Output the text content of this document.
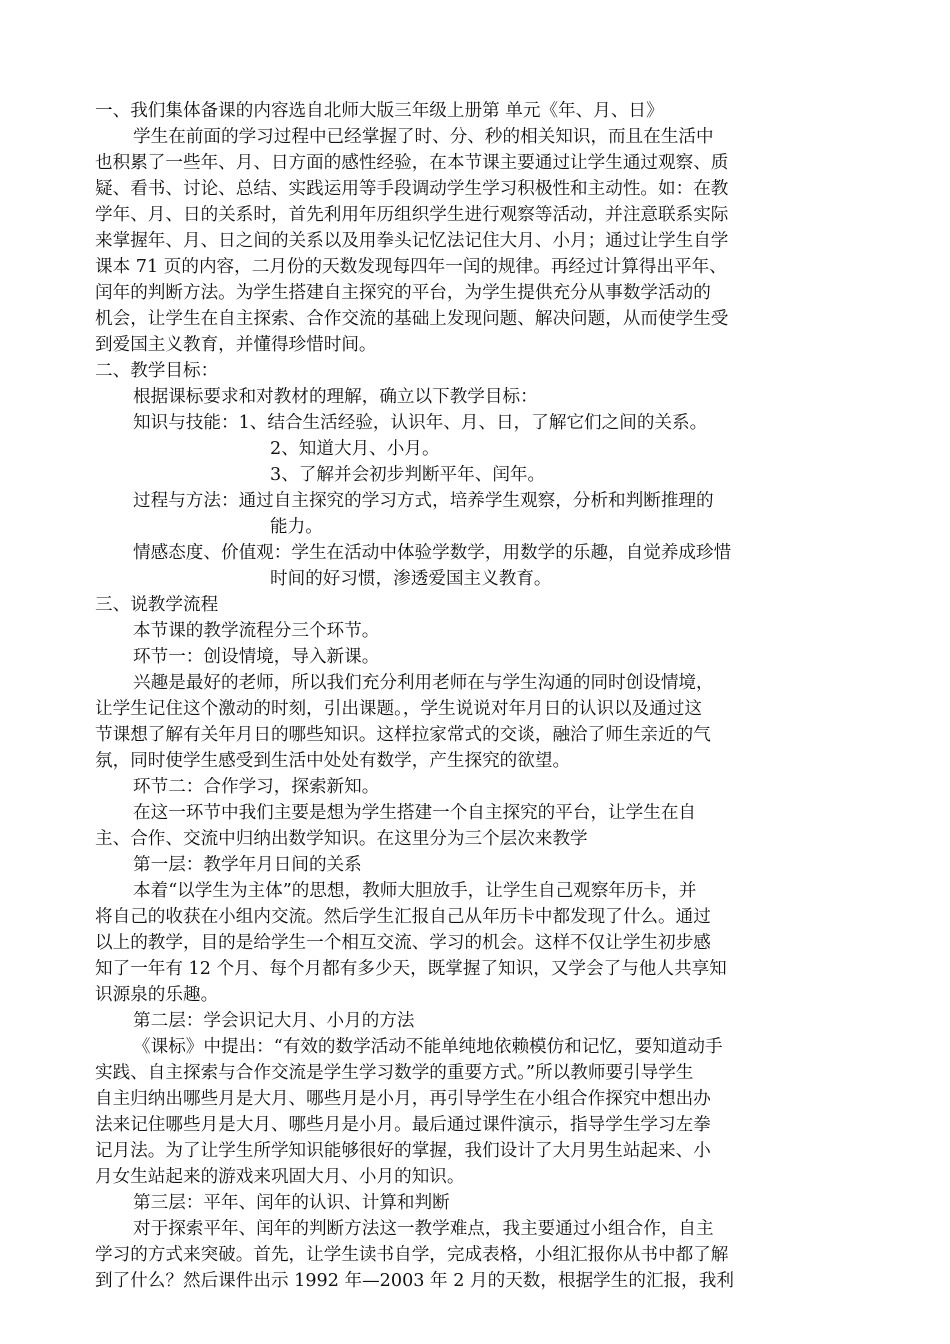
一、我们集体备课的内容选自北师大版三年级上册第 单元《年、月、日》
学生在前面的学习过程中已经掌握了时、分、秒的相关知识，而且在生活中
也积累了一些年、月、日方面的感性经验，在本节课主要通过让学生通过观察、质
疑、看书、讨论、总结、实践运用等手段调动学生学习积极性和主动性。如：在教
学年、月、日的关系时，首先利用年历组织学生进行观察等活动，并注意联系实际
来掌握年、月、日之间的关系以及用拳头记忆法记住大月、小月；通过让学生自学
课本 71 页的内容，二月份的天数发现每四年一闰的规律。再经过计算得出平年、
闰年的判断方法。为学生搭建自主探究的平台，为学生提供充分从事数学活动的
机会，让学生在自主探索、合作交流的基础上发现问题、解决问题，从而使学生受
到爱国主义教育，并懂得珍惜时间。
二、教学目标：
根据课标要求和对教材的理解，确立以下教学目标：
知识与技能：1、结合生活经验，认识年、月、日，了解它们之间的关系。
2、知道大月、小月。
3、了解并会初步判断平年、闰年。
过程与方法：通过自主探究的学习方式，培养学生观察，分析和判断推理的
能力。
情感态度、价值观：学生在活动中体验学数学，用数学的乐趣，自觉养成珍惜
时间的好习惯，渗透爱国主义教育。
三、说教学流程
本节课的教学流程分三个环节。
环节一：创设情境，导入新课。
兴趣是最好的老师，所以我们充分利用老师在与学生沟通的同时创设情境，
让学生记住这个激动的时刻，引出课题。，学生说说对年月日的认识以及通过这
节课想了解有关年月日的哪些知识。这样拉家常式的交谈，融洽了师生亲近的气
氛，同时使学生感受到生活中处处有数学，产生探究的欲望。
环节二：合作学习，探索新知。
在这一环节中我们主要是想为学生搭建一个自主探究的平台，让学生在自
主、合作、交流中归纳出数学知识。在这里分为三个层次来教学
第一层：教学年月日间的关系
本着“以学生为主体”的思想，教师大胆放手，让学生自己观察年历卡，并
将自己的收获在小组内交流。然后学生汇报自己从年历卡中都发现了什么。通过
以上的教学，目的是给学生一个相互交流、学习的机会。这样不仅让学生初步感
知了一年有 12 个月、每个月都有多少天，既掌握了知识，又学会了与他人共享知
识源泉的乐趣。
第二层：学会识记大月、小月的方法
《课标》中提出：“有效的数学活动不能单纯地依赖模仿和记忆，要知道动手
实践、自主探索与合作交流是学生学习数学的重要方式。”所以教师要引导学生
自主归纳出哪些月是大月、哪些月是小月，再引导学生在小组合作探究中想出办
法来记住哪些月是大月、哪些月是小月。最后通过课件演示，指导学生学习左拳
记月法。为了让学生所学知识能够很好的掌握，我们设计了大月男生站起来、小
月女生站起来的游戏来巩固大月、小月的知识。
第三层：平年、闰年的认识、计算和判断
对于探索平年、闰年的判断方法这一教学难点，我主要通过小组合作，自主
学习的方式来突破。首先，让学生读书自学，完成表格，小组汇报你从书中都了解
到了什么？然后课件出示 1992 年—2003 年 2 月的天数，根据学生的汇报，我利
